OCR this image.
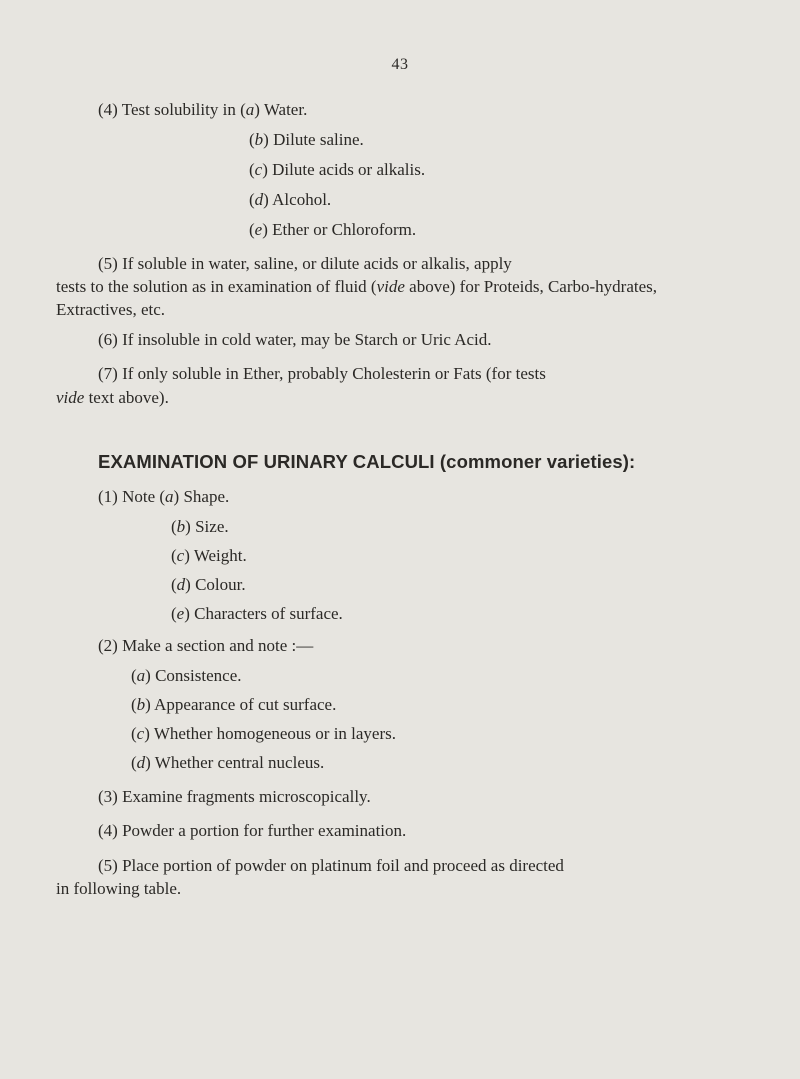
43
(4) Test solubility in (a) Water.
(b) Dilute saline.
(c) Dilute acids or alkalis.
(d) Alcohol.
(e) Ether or Chloroform.
(5) If soluble in water, saline, or dilute acids or alkalis, apply
tests to the solution as in examination of fluid (vide above) for Proteids, Carbo-hydrates, Extractives, etc.
(6) If insoluble in cold water, may be Starch or Uric Acid.
(7) If only soluble in Ether, probably Cholesterin or Fats (for tests
vide text above).
EXAMINATION OF URINARY CALCULI (commoner varieties):
(1) Note (a) Shape.
(b) Size.
(c) Weight.
(d) Colour.
(e) Characters of surface.
(2) Make a section and note :—
(a) Consistence.
(b) Appearance of cut surface.
(c) Whether homogeneous or in layers.
(d) Whether central nucleus.
(3) Examine fragments microscopically.
(4) Powder a portion for further examination.
(5) Place portion of powder on platinum foil and proceed as directed
in following table.
